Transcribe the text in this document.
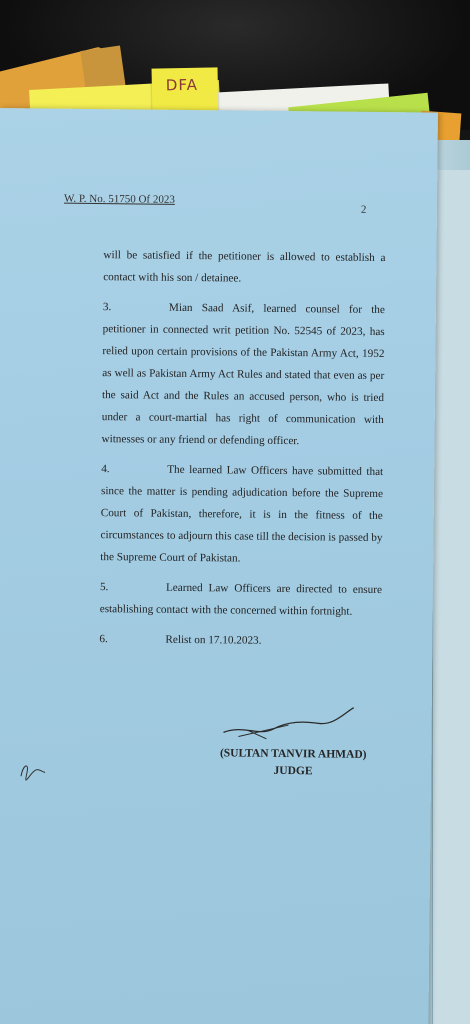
DFA
W. P. No. 51750 Of 2023
2

will be satisfied if the petitioner is allowed to establish a contact with his son / detainee.

3.	Mian Saad Asif, learned counsel for the petitioner in connected writ petition No. 52545 of 2023, has relied upon certain provisions of the Pakistan Army Act, 1952 as well as Pakistan Army Act Rules and stated that even as per the said Act and the Rules an accused person, who is tried under a court-martial has right of communication with witnesses or any friend or defending officer.

4.	The learned Law Officers have submitted that since the matter is pending adjudication before the Supreme Court of Pakistan, therefore, it is in the fitness of the circumstances to adjourn this case till the decision is passed by the Supreme Court of Pakistan.

5.	Learned Law Officers are directed to ensure establishing contact with the concerned within fortnight.

6.	Relist on 17.10.2023.

(SULTAN TANVIR AHMAD)
JUDGE
